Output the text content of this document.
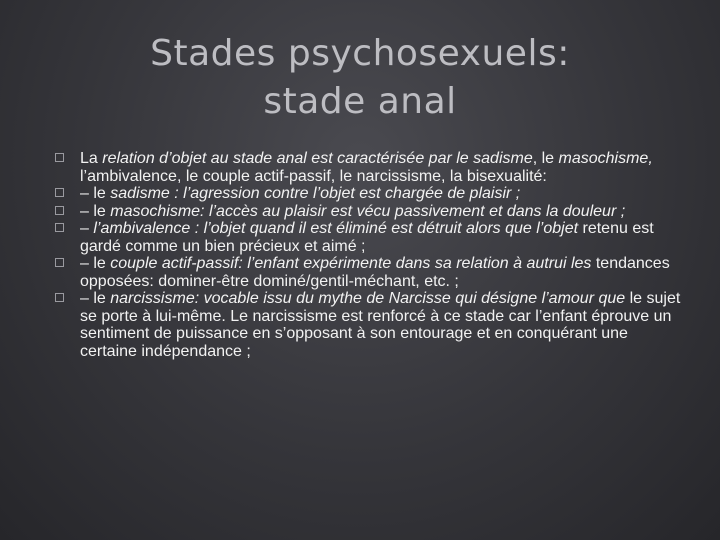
Stades psychosexuels:
stade anal
La relation d’objet au stade anal est caractérisée par le sadisme, le masochisme, l’ambivalence, le couple actif-passif, le narcissisme, la bisexualité:
– le sadisme : l’agression contre l’objet est chargée de plaisir ;
– le masochisme: l’accès au plaisir est vécu passivement et dans la douleur ;
– l’ambivalence : l’objet quand il est éliminé est détruit alors que l’objet retenu est gardé comme un bien précieux et aimé ;
– le couple actif-passif: l’enfant expérimente dans sa relation à autrui les tendances opposées: dominer-être dominé/gentil-méchant, etc. ;
– le narcissisme: vocable issu du mythe de Narcisse qui désigne l’amour que le sujet se porte à lui-même. Le narcissisme est renforcé à ce stade car l’enfant éprouve un sentiment de puissance en s’opposant à son entourage et en conquérant une certaine indépendance ;
